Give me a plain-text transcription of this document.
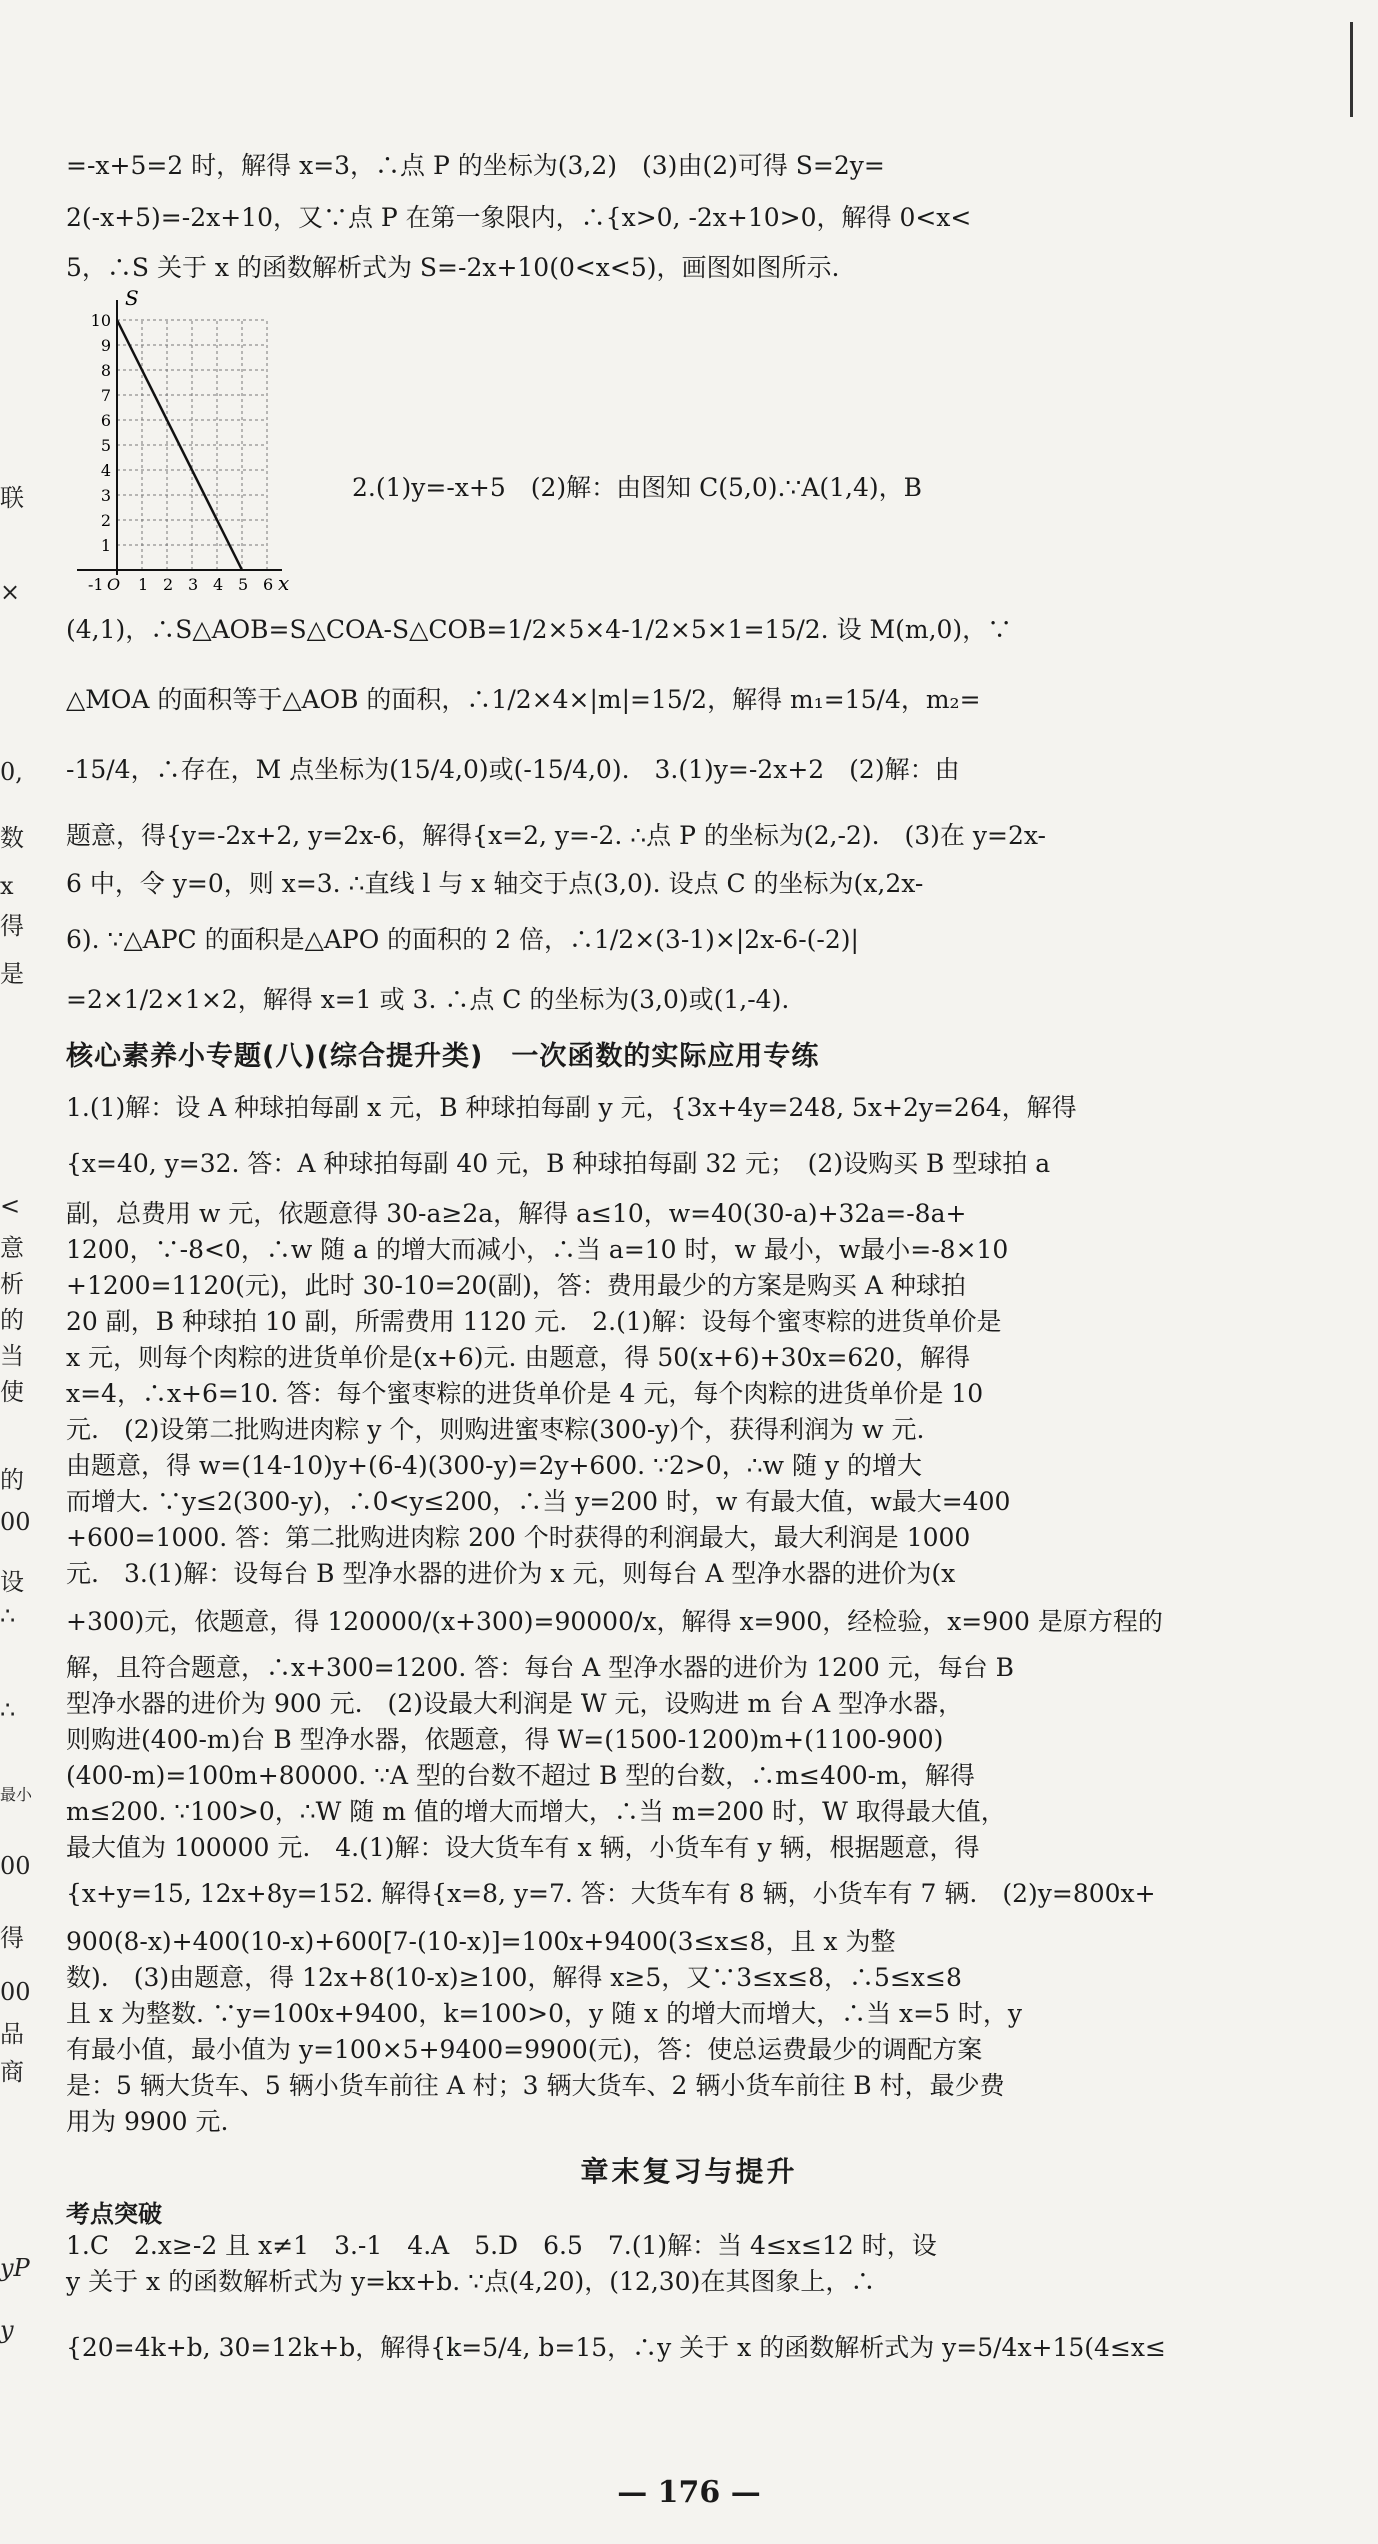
联
×
0,
数
x
得
是
<
意
析
的
当
使
的
00
设
∴
∴
最小
00
得
00
品
商
yP
y
=-x+5=2 时，解得 x=3，∴点 P 的坐标为(3,2)　(3)由(2)可得 S=2y=
2(-x+5)=-2x+10，又∵点 P 在第一象限内，∴{x>0, -2x+10>0，解得 0<x<
5，∴S 关于 x 的函数解析式为 S=-2x+10(0<x<5)，画图如图所示.
10
9
8
7
6
5
4
3
2
1
-1 O 1 2 3 4 5 6
S
x
2.(1)y=-x+5　(2)解：由图知 C(5,0).∵A(1,4)，B
(4,1)，∴S△AOB=S△COA-S△COB=1/2×5×4-1/2×5×1=15/2. 设 M(m,0)，∵
△MOA 的面积等于△AOB 的面积，∴1/2×4×|m|=15/2，解得 m₁=15/4，m₂=
-15/4，∴存在，M 点坐标为(15/4,0)或(-15/4,0).　3.(1)y=-2x+2　(2)解：由
题意，得{y=-2x+2, y=2x-6，解得{x=2, y=-2. ∴点 P 的坐标为(2,-2).　(3)在 y=2x-
6 中，令 y=0，则 x=3. ∴直线 l 与 x 轴交于点(3,0). 设点 C 的坐标为(x,2x-
6). ∵△APC 的面积是△APO 的面积的 2 倍，∴1/2×(3-1)×|2x-6-(-2)|
=2×1/2×1×2，解得 x=1 或 3. ∴点 C 的坐标为(3,0)或(1,-4).
核心素养小专题(八)(综合提升类)　一次函数的实际应用专练
1.(1)解：设 A 种球拍每副 x 元，B 种球拍每副 y 元，{3x+4y=248, 5x+2y=264，解得
{x=40, y=32. 答：A 种球拍每副 40 元，B 种球拍每副 32 元；　(2)设购买 B 型球拍 a
副，总费用 w 元，依题意得 30-a≥2a，解得 a≤10，w=40(30-a)+32a=-8a+
1200，∵-8<0，∴w 随 a 的增大而减小，∴当 a=10 时，w 最小，w最小=-8×10
+1200=1120(元)，此时 30-10=20(副)，答：费用最少的方案是购买 A 种球拍
20 副，B 种球拍 10 副，所需费用 1120 元.　2.(1)解：设每个蜜枣粽的进货单价是
x 元，则每个肉粽的进货单价是(x+6)元. 由题意，得 50(x+6)+30x=620，解得
x=4，∴x+6=10. 答：每个蜜枣粽的进货单价是 4 元，每个肉粽的进货单价是 10
元.　(2)设第二批购进肉粽 y 个，则购进蜜枣粽(300-y)个，获得利润为 w 元.
由题意，得 w=(14-10)y+(6-4)(300-y)=2y+600. ∵2>0，∴w 随 y 的增大
而增大. ∵y≤2(300-y)，∴0<y≤200，∴当 y=200 时，w 有最大值，w最大=400
+600=1000. 答：第二批购进肉粽 200 个时获得的利润最大，最大利润是 1000
元.　3.(1)解：设每台 B 型净水器的进价为 x 元，则每台 A 型净水器的进价为(x
+300)元，依题意，得 120000/(x+300)=90000/x，解得 x=900，经检验，x=900 是原方程的
解，且符合题意，∴x+300=1200. 答：每台 A 型净水器的进价为 1200 元，每台 B
型净水器的进价为 900 元.　(2)设最大利润是 W 元，设购进 m 台 A 型净水器，
则购进(400-m)台 B 型净水器，依题意，得 W=(1500-1200)m+(1100-900)
(400-m)=100m+80000. ∵A 型的台数不超过 B 型的台数，∴m≤400-m，解得
m≤200. ∵100>0，∴W 随 m 值的增大而增大，∴当 m=200 时，W 取得最大值，
最大值为 100000 元.　4.(1)解：设大货车有 x 辆，小货车有 y 辆，根据题意，得
{x+y=15, 12x+8y=152. 解得{x=8, y=7. 答：大货车有 8 辆，小货车有 7 辆.　(2)y=800x+
900(8-x)+400(10-x)+600[7-(10-x)]=100x+9400(3≤x≤8，且 x 为整
数).　(3)由题意，得 12x+8(10-x)≥100，解得 x≥5，又∵3≤x≤8，∴5≤x≤8
且 x 为整数. ∵y=100x+9400，k=100>0，y 随 x 的增大而增大，∴当 x=5 时，y
有最小值，最小值为 y=100×5+9400=9900(元)，答：使总运费最少的调配方案
是：5 辆大货车、5 辆小货车前往 A 村；3 辆大货车、2 辆小货车前往 B 村，最少费
用为 9900 元.
章末复习与提升
考点突破
1.C　2.x≥-2 且 x≠1　3.-1　4.A　5.D　6.5　7.(1)解：当 4≤x≤12 时，设
y 关于 x 的函数解析式为 y=kx+b. ∵点(4,20)，(12,30)在其图象上，∴
{20=4k+b, 30=12k+b，解得{k=5/4, b=15，∴y 关于 x 的函数解析式为 y=5/4x+15(4≤x≤
— 176 —
